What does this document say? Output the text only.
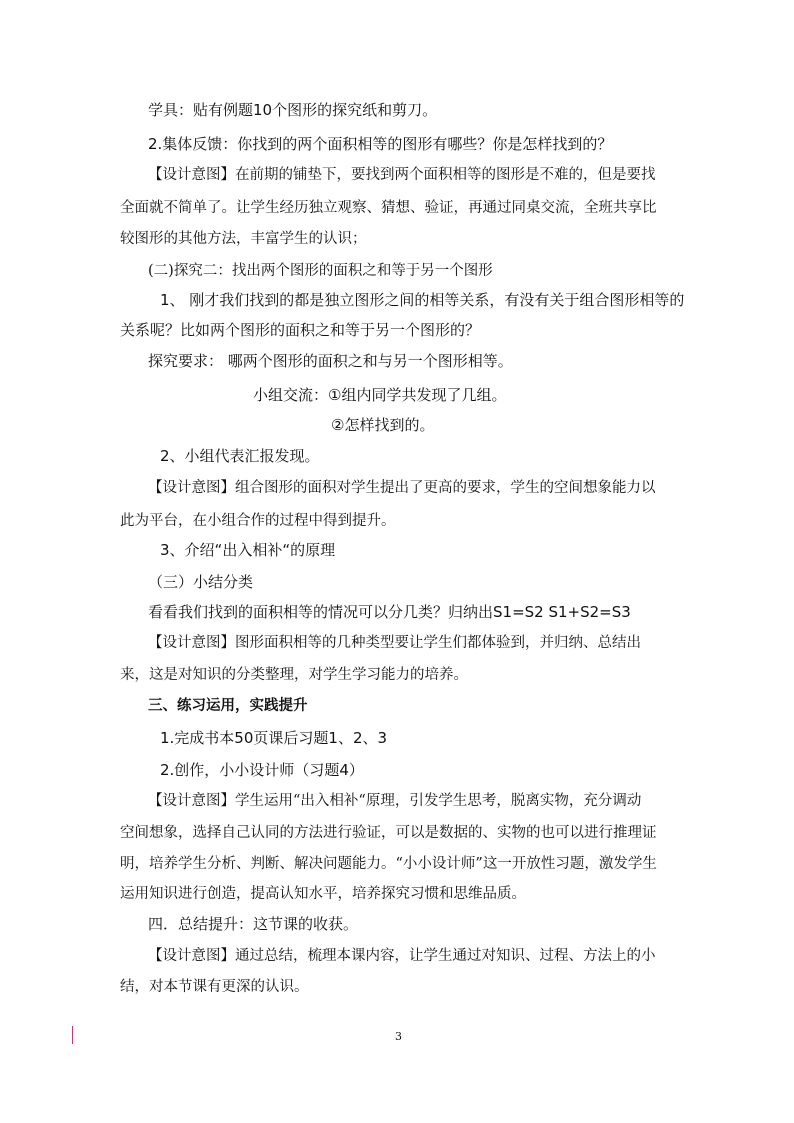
学具：贴有例题10个图形的探究纸和剪刀。
2.集体反馈：你找到的两个面积相等的图形有哪些？你是怎样找到的？
【设计意图】在前期的铺垫下，要找到两个面积相等的图形是不难的，但是要找
全面就不简单了。让学生经历独立观察、猜想、验证，再通过同桌交流，全班共享比
较图形的其他方法，丰富学生的认识；
(二)探究二：找出两个图形的面积之和等于另一个图形
1、 刚才我们找到的都是独立图形之间的相等关系，有没有关于组合图形相等的
关系呢？比如两个图形的面积之和等于另一个图形的？
探究要求： 哪两个图形的面积之和与另一个图形相等。
小组交流：①组内同学共发现了几组。
②怎样找到的。
2、小组代表汇报发现。
【设计意图】组合图形的面积对学生提出了更高的要求，学生的空间想象能力以
此为平台，在小组合作的过程中得到提升。
3、介绍“出入相补“的原理
（三）小结分类
看看我们找到的面积相等的情况可以分几类？归纳出S1=S2 S1+S2=S3
【设计意图】图形面积相等的几种类型要让学生们都体验到，并归纳、总结出
来，这是对知识的分类整理，对学生学习能力的培养。
三、练习运用，实践提升
1.完成书本50页课后习题1、2、3
2.创作，小小设计师（习题4）
【设计意图】学生运用“出入相补“原理，引发学生思考，脱离实物，充分调动
空间想象，选择自己认同的方法进行验证，可以是数据的、实物的也可以进行推理证
明，培养学生分析、判断、解决问题能力。“小小设计师”这一开放性习题，激发学生
运用知识进行创造，提高认知水平，培养探究习惯和思维品质。
四．总结提升：这节课的收获。
【设计意图】通过总结，梳理本课内容，让学生通过对知识、过程、方法上的小
结，对本节课有更深的认识。
3
